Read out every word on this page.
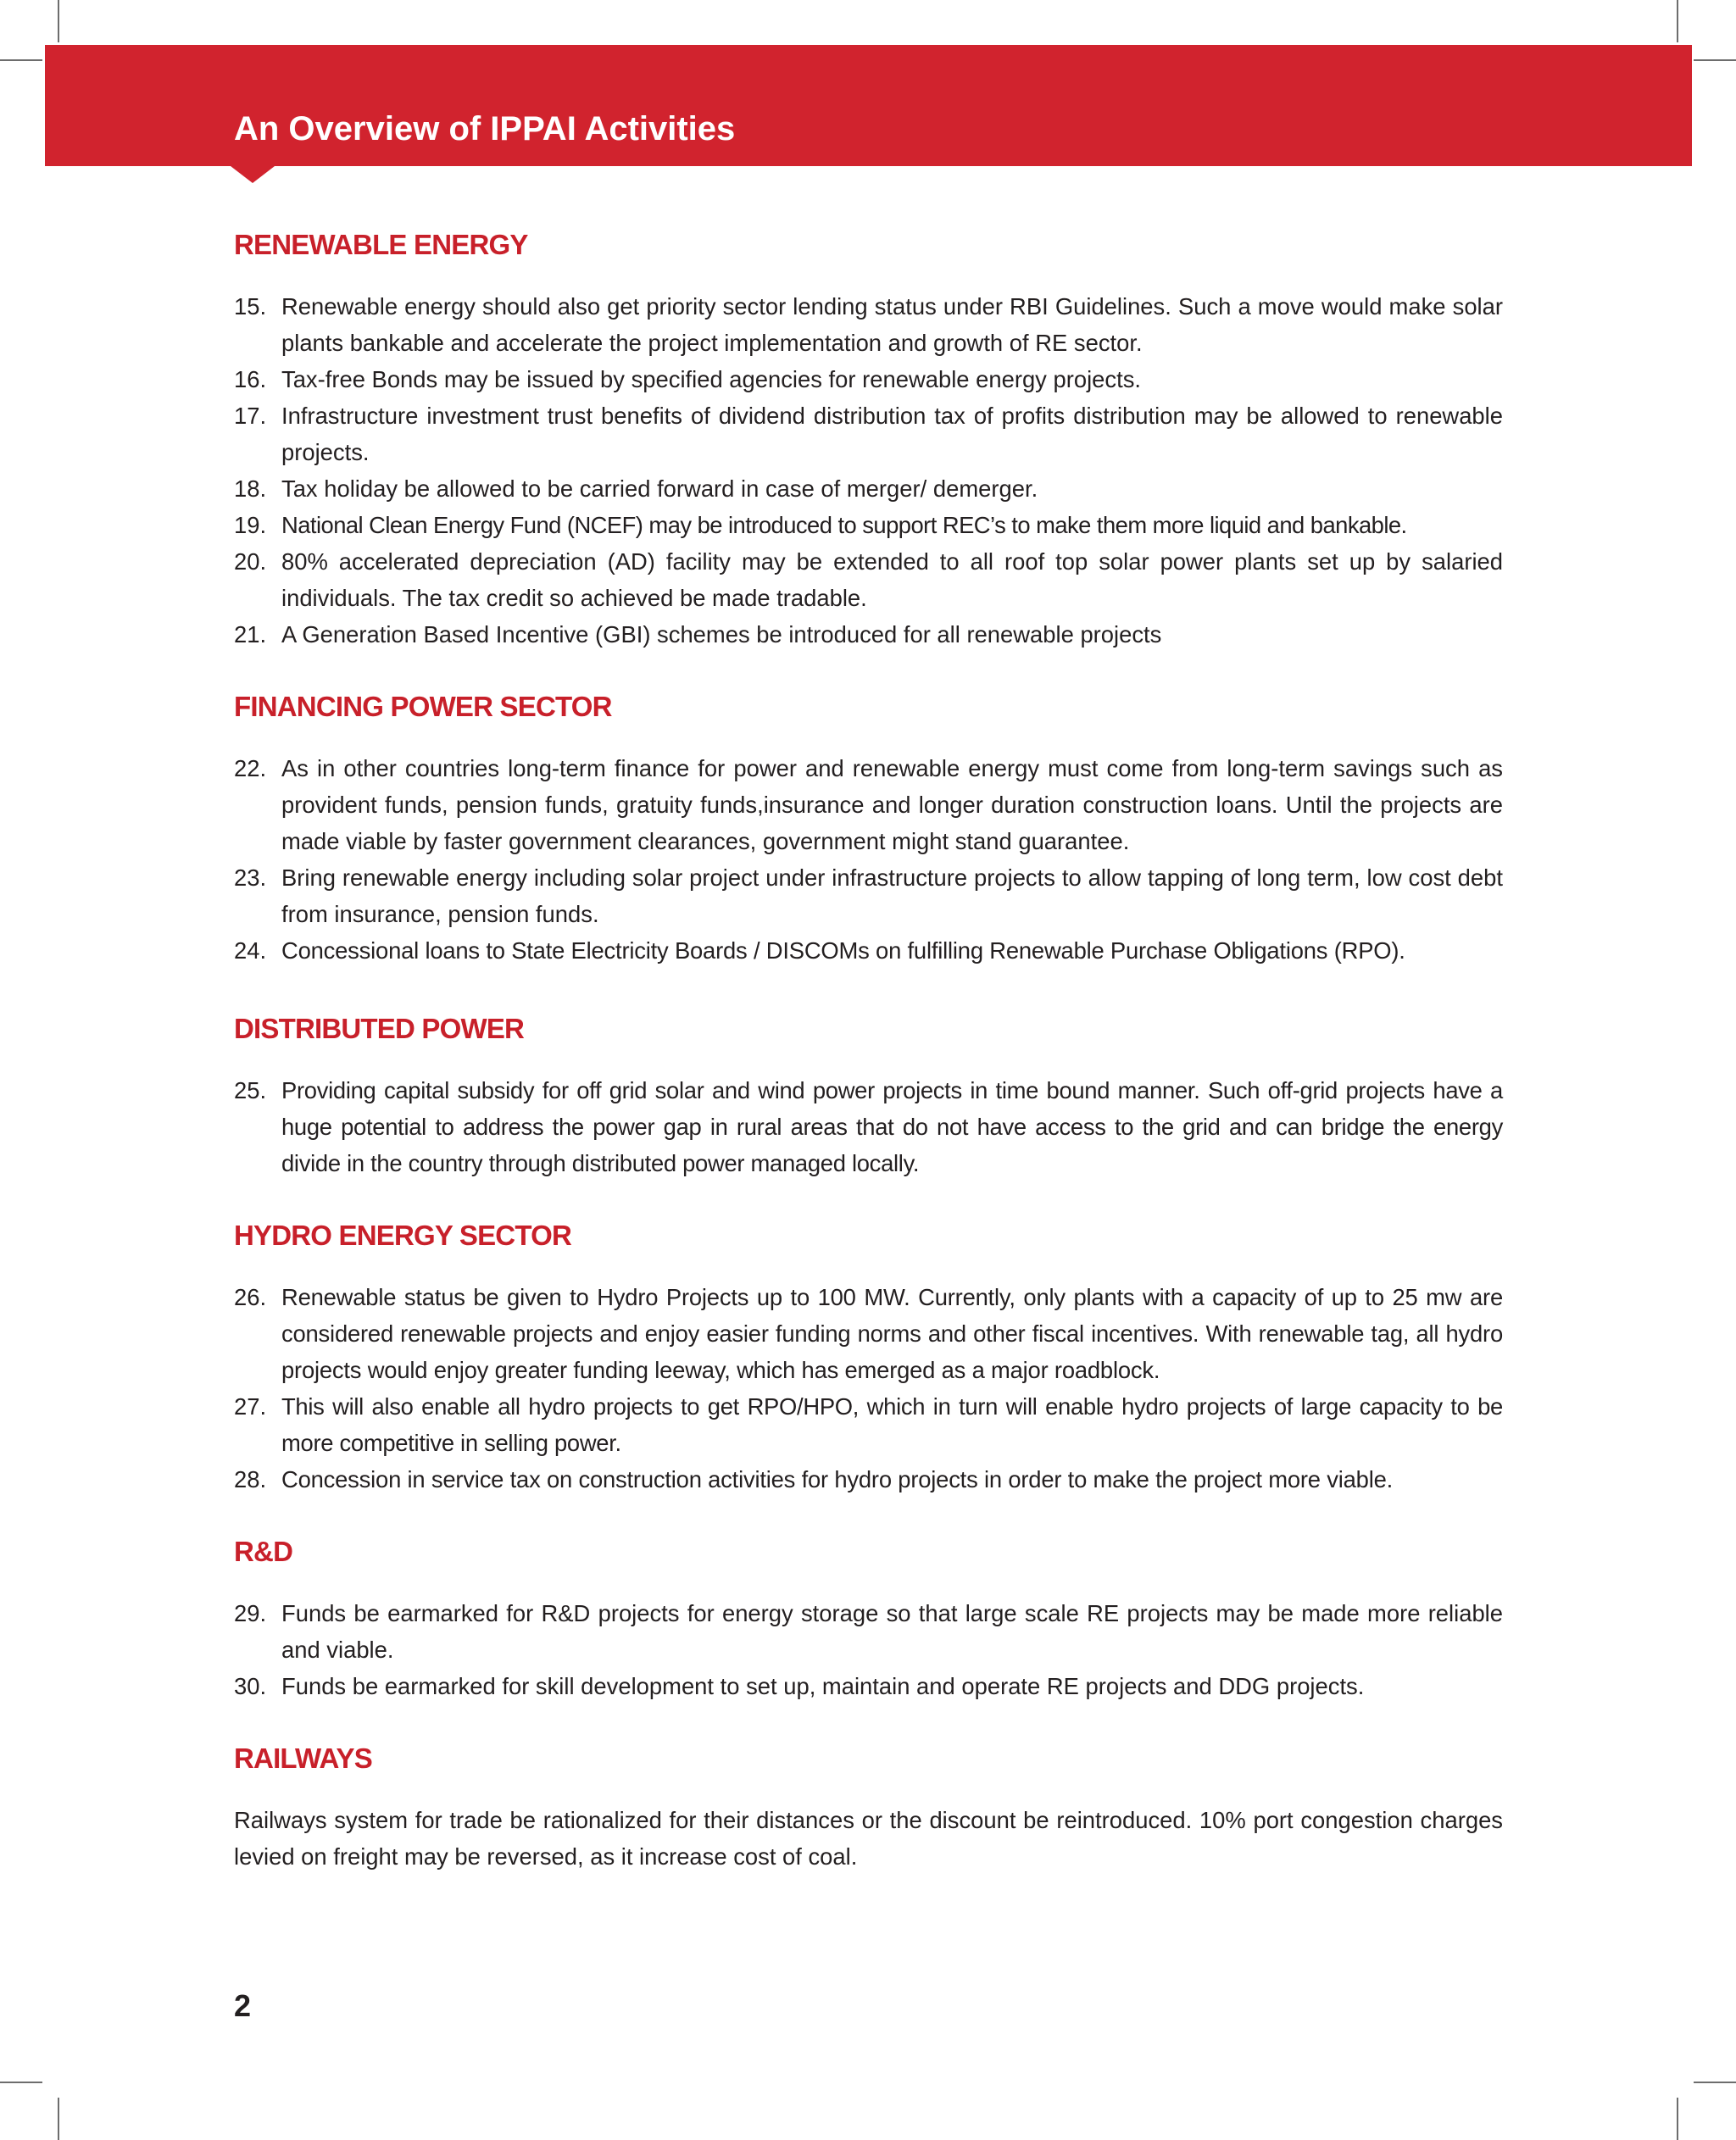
An Overview of IPPAI Activities
RENEWABLE ENERGY
15. Renewable energy should also get priority sector lending status under RBI Guidelines. Such a move would make solar plants bankable and accelerate the project implementation and growth of RE sector.
16. Tax-free Bonds may be issued by specified agencies for renewable energy projects.
17. Infrastructure investment trust benefits of dividend distribution tax of profits distribution may be allowed to renewable projects.
18. Tax holiday be allowed to be carried forward in case of merger/ demerger.
19. National Clean Energy Fund (NCEF) may be introduced to support REC’s to make them more liquid and bankable.
20. 80% accelerated depreciation (AD) facility may be extended to all roof top solar power plants set up by salaried individuals. The tax credit so achieved be made tradable.
21. A Generation Based Incentive (GBI) schemes be introduced for all renewable projects
FINANCING POWER SECTOR
22. As in other countries long-term finance for power and renewable energy must come from long-term savings such as provident funds, pension funds, gratuity funds,insurance and longer duration construction loans. Until the projects are made viable by faster government clearances, government might stand guarantee.
23. Bring renewable energy including solar project under infrastructure projects to allow tapping of long term, low cost debt from insurance, pension funds.
24. Concessional loans to State Electricity Boards / DISCOMs on fulfilling Renewable Purchase Obligations (RPO).
DISTRIBUTED POWER
25. Providing capital subsidy for off grid solar and wind power projects in time bound manner. Such off-grid projects have a huge potential to address the power gap in rural areas that do not have access to the grid and can bridge the energy divide in the country through distributed power managed locally.
HYDRO ENERGY SECTOR
26. Renewable status be given to Hydro Projects up to 100 MW. Currently, only plants with a capacity of up to 25 mw are considered renewable projects and enjoy easier funding norms and other fiscal incentives. With renewable tag, all hydro projects would enjoy greater funding leeway, which has emerged as a major roadblock.
27. This will also enable all hydro projects to get RPO/HPO, which in turn will enable hydro projects of large capacity to be more competitive in selling power.
28. Concession in service tax on construction activities for hydro projects in order to make the project more viable.
R&D
29. Funds be earmarked for R&D projects for energy storage so that large scale RE projects may be made more reliable and viable.
30. Funds be earmarked for skill development to set up, maintain and operate RE projects and DDG projects.
RAILWAYS

Railways system for trade be rationalized for their distances or the discount be reintroduced. 10% port congestion charges levied on freight may be reversed, as it increase cost of coal.

2
